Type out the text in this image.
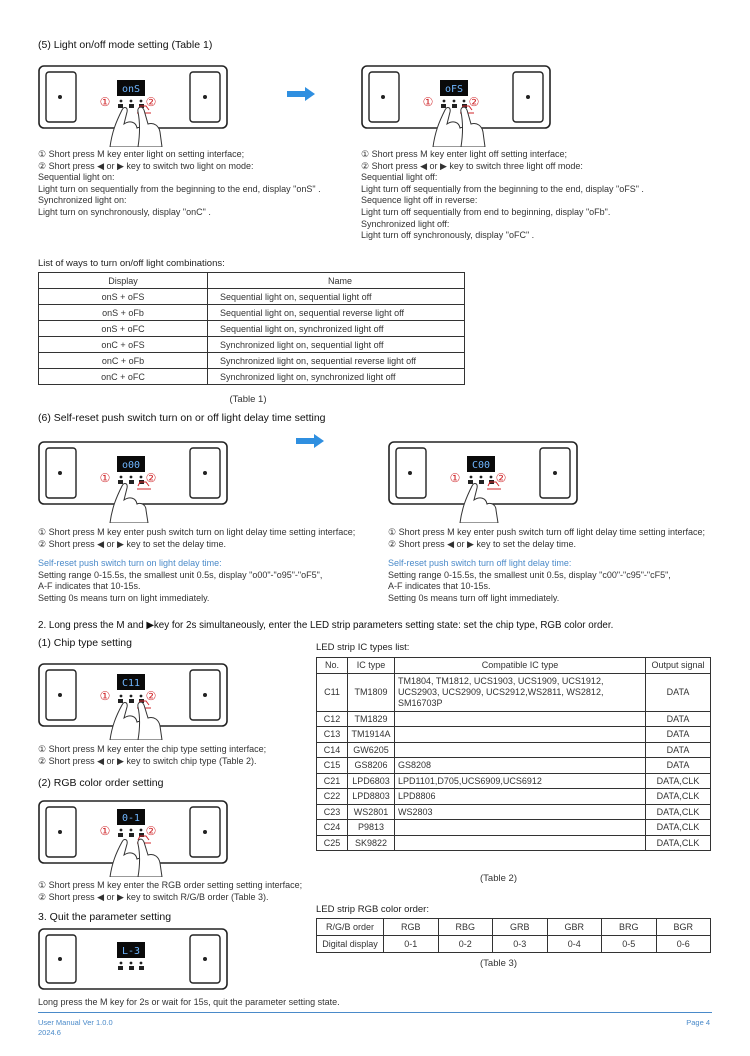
(5) Light on/off mode setting (Table 1)
onS
①	②
oFS
①	②
① Short press M key enter light on setting interface;
② Short press ◀ or ▶ key to switch two light on mode:
Sequential light on:
Light turn on sequentially from the beginning to the end, display "onS" .
Synchronized light on:
Light turn on synchronously, display "onC" .
① Short press M key enter light off setting interface;
② Short press ◀ or ▶ key to switch three light off mode:
Sequential light off:
Light turn off sequentially from the beginning to the end, display "oFS" .
Sequence light off in reverse:
Light turn off sequentially from end to beginning, display "oFb".
Synchronized light off:
Light turn off synchronously, display "oFC" .
List of ways to turn on/off light combinations:
Display	Name
onS + oFS	Sequential light on, sequential light off
onS + oFb	Sequential light on, sequential reverse light off
onS + oFC	Sequential light on, synchronized light off
onC + oFS	Synchronized light on, sequential light off
onC + oFb	Synchronized light on, sequential reverse light off
onC + oFC	Synchronized light on, synchronized light off
(Table 1)
(6) Self-reset push switch turn on or off light delay time setting
o00
①	②
C00
①	②
① Short press M key enter push switch turn on light delay time setting interface;
② Short press ◀ or ▶ key to set the delay time.
Self-reset push switch turn on light delay time:
Setting range 0-15.5s, the smallest unit 0.5s, display "o00"-"o95"-"oF5",
A-F indicates that 10-15s.
Setting 0s means turn on light immediately.
① Short press M key enter push switch turn off light delay time setting interface;
② Short press ◀ or ▶ key to set the delay time.
Self-reset push switch turn off light delay time:
Setting range 0-15.5s, the smallest unit 0.5s, display "c00"-"c95"-"cF5",
A-F indicates that 10-15s.
Setting 0s means turn off light immediately.
2. Long press the M and ▶key for 2s simultaneously, enter the LED strip parameters setting state: set the chip type, RGB color order.
(1) Chip type setting
C11
①	②
① Short press M key enter the chip type setting interface;
② Short press ◀ or ▶ key to switch chip type (Table 2).
(2) RGB color order setting
0-1
①	②
① Short press M key enter the RGB order setting setting interface;
② Short press ◀ or ▶ key to switch R/G/B order (Table 3).
3. Quit the parameter setting
L-3
Long press the M key for 2s or wait for 15s, quit the parameter setting state.
LED strip IC types list:
No.	IC type	Compatible IC type	Output signal
C11	TM1809	TM1804, TM1812, UCS1903, UCS1909, UCS1912, UCS2903, UCS2909, UCS2912,WS2811, WS2812, SM16703P	DATA
C12	TM1829		DATA
C13	TM1914A		DATA
C14	GW6205		DATA
C15	GS8206	GS8208	DATA
C21	LPD6803	LPD1101,D705,UCS6909,UCS6912	DATA,CLK
C22	LPD8803	LPD8806	DATA,CLK
C23	WS2801	WS2803	DATA,CLK
C24	P9813		DATA,CLK
C25	SK9822		DATA,CLK
(Table 2)
LED strip RGB color order:
R/G/B order	RGB	RBG	GRB	GBR	BRG	BGR
Digital display	0-1	0-2	0-3	0-4	0-5	0-6
(Table 3)
User Manual Ver 1.0.0
2024.6
Page 4
